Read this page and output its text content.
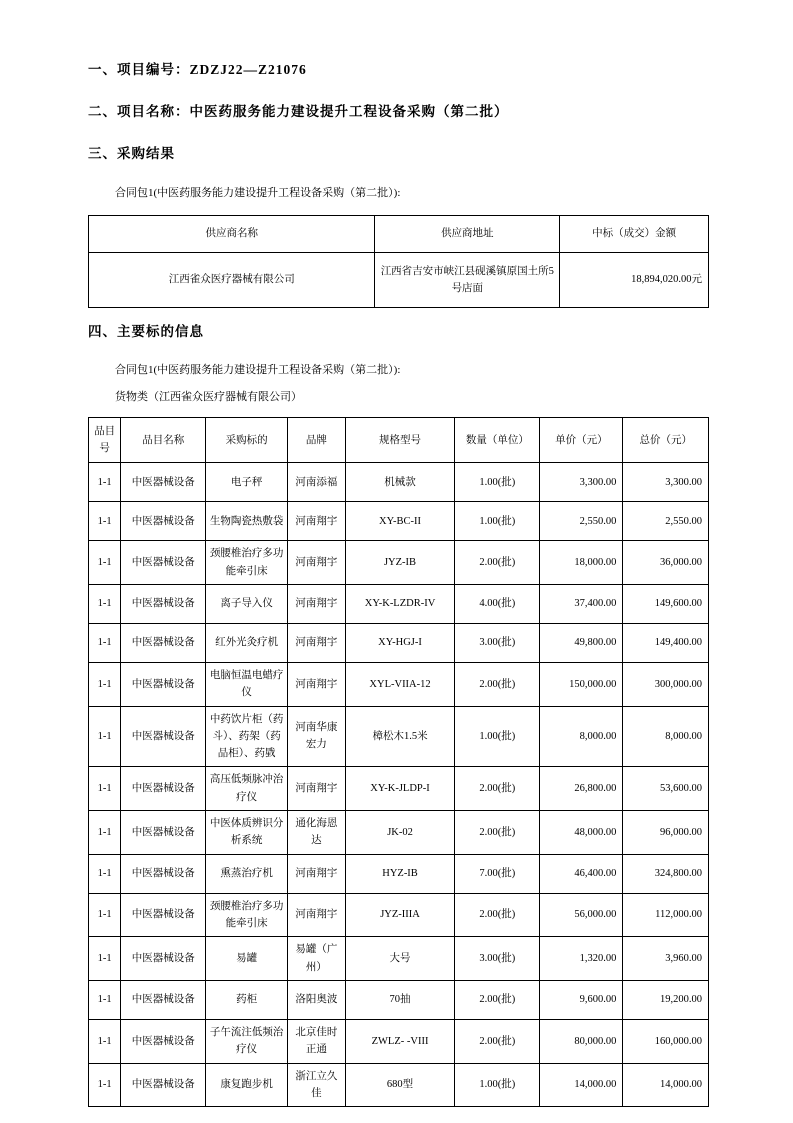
一、项目编号：ZDZJ22—Z21076

二、项目名称：中医药服务能力建设提升工程设备采购（第二批）

三、采购结果

合同包1(中医药服务能力建设提升工程设备采购（第二批）):

供应商名称	供应商地址	中标（成交）金额
江西雀众医疗器械有限公司	江西省吉安市峡江县砚溪镇原国土所5号店面	18,894,020.00元

四、主要标的信息

合同包1(中医药服务能力建设提升工程设备采购（第二批）):

货物类（江西雀众医疗器械有限公司）

品目号	品目名称	采购标的	品牌	规格型号	数量（单位）	单价（元）	总价（元）
1-1	中医器械设备	电子秤	河南添福	机械款	1.00(批)	3,300.00	3,300.00
1-1	中医器械设备	生物陶瓷热敷袋	河南翔宇	XY-BC-II	1.00(批)	2,550.00	2,550.00
1-1	中医器械设备	颈腰椎治疗多功能牵引床	河南翔宇	JYZ-IB	2.00(批)	18,000.00	36,000.00
1-1	中医器械设备	离子导入仪	河南翔宇	XY-K-LZDR-IV	4.00(批)	37,400.00	149,600.00
1-1	中医器械设备	红外光灸疗机	河南翔宇	XY-HGJ-I	3.00(批)	49,800.00	149,400.00
1-1	中医器械设备	电脑恒温电蜡疗仪	河南翔宇	XYL-VIIA-12	2.00(批)	150,000.00	300,000.00
1-1	中医器械设备	中药饮片柜（药斗）、药架（药品柜）、药戥	河南华康宏力	樟松木1.5米	1.00(批)	8,000.00	8,000.00
1-1	中医器械设备	高压低频脉冲治疗仪	河南翔宇	XY-K-JLDP-I	2.00(批)	26,800.00	53,600.00
1-1	中医器械设备	中医体质辨识分析系统	通化海恩达	JK-02	2.00(批)	48,000.00	96,000.00
1-1	中医器械设备	熏蒸治疗机	河南翔宇	HYZ-IB	7.00(批)	46,400.00	324,800.00
1-1	中医器械设备	颈腰椎治疗多功能牵引床	河南翔宇	JYZ-IIIA	2.00(批)	56,000.00	112,000.00
1-1	中医器械设备	易罐	易罐（广州）	大号	3.00(批)	1,320.00	3,960.00
1-1	中医器械设备	药柜	洛阳奥波	70抽	2.00(批)	9,600.00	19,200.00
1-1	中医器械设备	子午流注低频治疗仪	北京佳时正通	ZWLZ- -VIII	2.00(批)	80,000.00	160,000.00
1-1	中医器械设备	康复跑步机	浙江立久佳	680型	1.00(批)	14,000.00	14,000.00
